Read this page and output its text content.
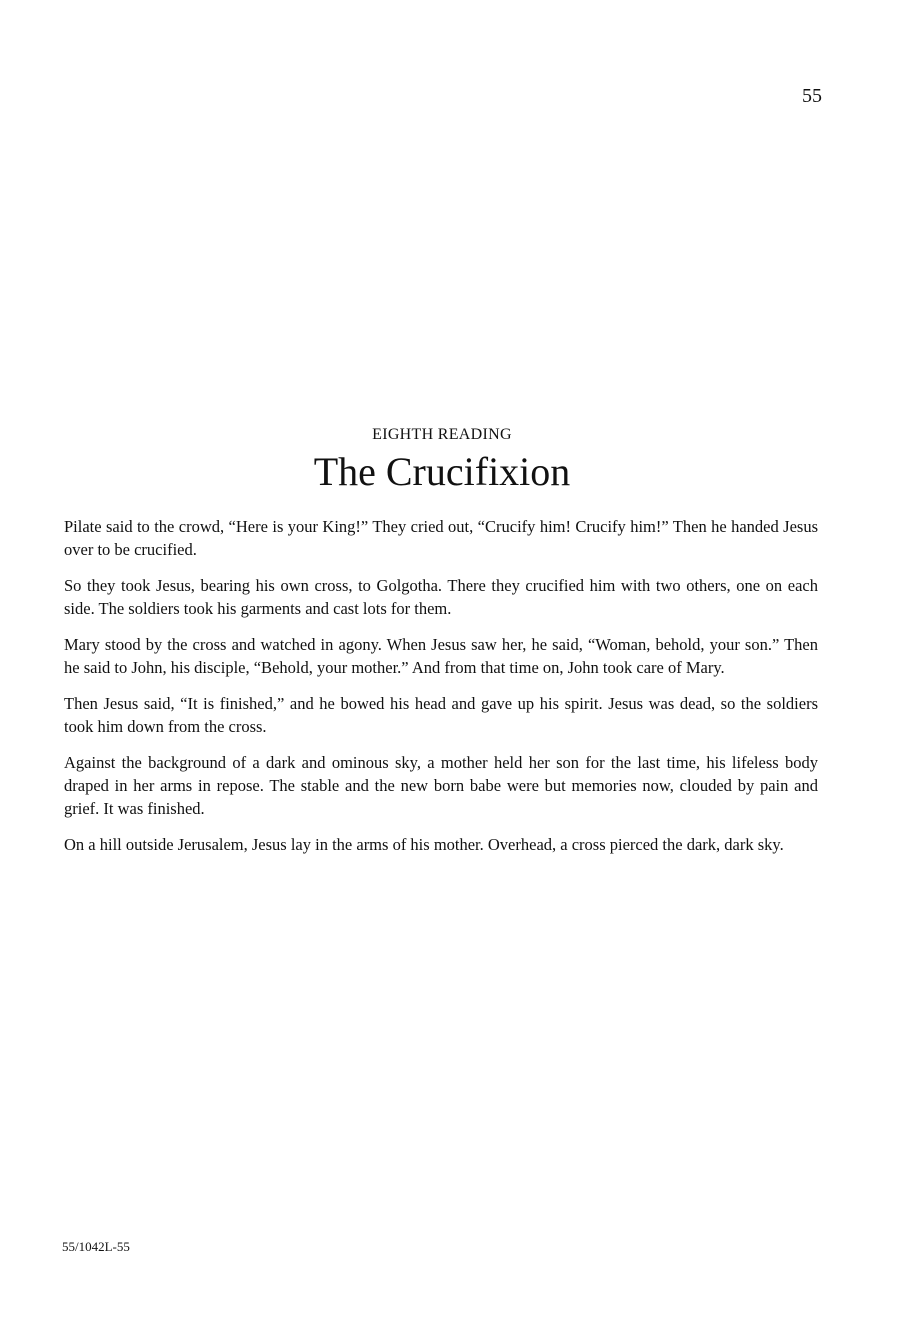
55
EIGHTH READING
The Crucifixion

Pilate said to the crowd, “Here is your King!” They cried out, “Crucify him! Crucify him!” Then he handed Jesus over to be crucified.

So they took Jesus, bearing his own cross, to Golgotha. There they crucified him with two others, one on each side. The soldiers took his garments and cast lots for them.

Mary stood by the cross and watched in agony. When Jesus saw her, he said, “Woman, behold, your son.” Then he said to John, his disciple, “Behold, your mother.” And from that time on, John took care of Mary.

Then Jesus said, “It is finished,” and he bowed his head and gave up his spirit. Jesus was dead, so the soldiers took him down from the cross.

Against the background of a dark and ominous sky, a mother held her son for the last time, his lifeless body draped in her arms in repose. The stable and the new born babe were but memories now, clouded by pain and grief. It was finished.

On a hill outside Jerusalem, Jesus lay in the arms of his mother. Overhead, a cross pierced the dark, dark sky.

55/1042L-55
